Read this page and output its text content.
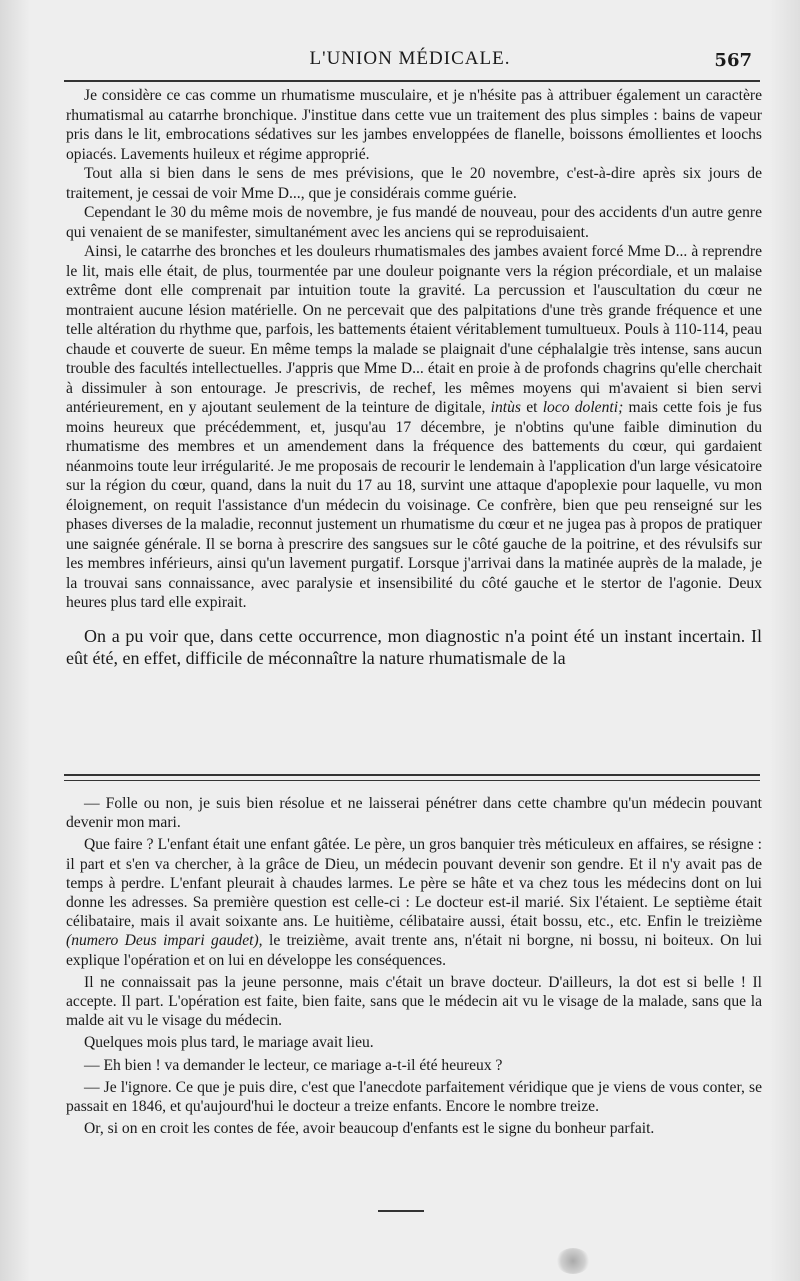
L'UNION MÉDICALE.	567

Je considère ce cas comme un rhumatisme musculaire, et je n'hésite pas à attribuer également un caractère rhumatismal au catarrhe bronchique. J'institue dans cette vue un traitement des plus simples : bains de vapeur pris dans le lit, embrocations sédatives sur les jambes enveloppées de flanelle, boissons émollientes et loochs opiacés. Lavements huileux et régime approprié.

Tout alla si bien dans le sens de mes prévisions, que le 20 novembre, c'est-à-dire après six jours de traitement, je cessai de voir Mme D..., que je considérais comme guérie.

Cependant le 30 du même mois de novembre, je fus mandé de nouveau, pour des accidents d'un autre genre qui venaient de se manifester, simultanément avec les anciens qui se reproduisaient.

Ainsi, le catarrhe des bronches et les douleurs rhumatismales des jambes avaient forcé Mme D... à reprendre le lit, mais elle était, de plus, tourmentée par une douleur poignante vers la région précordiale, et un malaise extrême dont elle comprenait par intuition toute la gravité. La percussion et l'auscultation du cœur ne montraient aucune lésion matérielle. On ne percevait que des palpitations d'une très grande fréquence et une telle altération du rhythme que, parfois, les battements étaient véritablement tumultueux. Pouls à 110-114, peau chaude et couverte de sueur. En même temps la malade se plaignait d'une céphalalgie très intense, sans aucun trouble des facultés intellectuelles. J'appris que Mme D... était en proie à de profonds chagrins qu'elle cherchait à dissimuler à son entourage. Je prescrivis, de rechef, les mêmes moyens qui m'avaient si bien servi antérieurement, en y ajoutant seulement de la teinture de digitale, intùs et loco dolenti; mais cette fois je fus moins heureux que précédemment, et, jusqu'au 17 décembre, je n'obtins qu'une faible diminution du rhumatisme des membres et un amendement dans la fréquence des battements du cœur, qui gardaient néanmoins toute leur irrégularité. Je me proposais de recourir le lendemain à l'application d'un large vésicatoire sur la région du cœur, quand, dans la nuit du 17 au 18, survint une attaque d'apoplexie pour laquelle, vu mon éloignement, on requit l'assistance d'un médecin du voisinage. Ce confrère, bien que peu renseigné sur les phases diverses de la maladie, reconnut justement un rhumatisme du cœur et ne jugea pas à propos de pratiquer une saignée générale. Il se borna à prescrire des sangsues sur le côté gauche de la poitrine, et des révulsifs sur les membres inférieurs, ainsi qu'un lavement purgatif. Lorsque j'arrivai dans la matinée auprès de la malade, je la trouvai sans connaissance, avec paralysie et insensibilité du côté gauche et le stertor de l'agonie. Deux heures plus tard elle expirait.

On a pu voir que, dans cette occurrence, mon diagnostic n'a point été un instant incertain. Il eût été, en effet, difficile de méconnaître la nature rhumatismale de la

— Folle ou non, je suis bien résolue et ne laisserai pénétrer dans cette chambre qu'un médecin pouvant devenir mon mari.

Que faire ? L'enfant était une enfant gâtée. Le père, un gros banquier très méticuleux en affaires, se résigne : il part et s'en va chercher, à la grâce de Dieu, un médecin pouvant devenir son gendre. Et il n'y avait pas de temps à perdre. L'enfant pleurait à chaudes larmes. Le père se hâte et va chez tous les médecins dont on lui donne les adresses. Sa première question est celle-ci : Le docteur est-il marié. Six l'étaient. Le septième était célibataire, mais il avait soixante ans. Le huitième, célibataire aussi, était bossu, etc., etc. Enfin le treizième (numero Deus impari gaudet), le treizième, avait trente ans, n'était ni borgne, ni bossu, ni boiteux. On lui explique l'opération et on lui en développe les conséquences.

Il ne connaissait pas la jeune personne, mais c'était un brave docteur. D'ailleurs, la dot est si belle ! Il accepte. Il part. L'opération est faite, bien faite, sans que le médecin ait vu le visage de la malade, sans que la malde ait vu le visage du médecin.

Quelques mois plus tard, le mariage avait lieu.

— Eh bien ! va demander le lecteur, ce mariage a-t-il été heureux ?

— Je l'ignore. Ce que je puis dire, c'est que l'anecdote parfaitement véridique que je viens de vous conter, se passait en 1846, et qu'aujourd'hui le docteur a treize enfants. Encore le nombre treize.

Or, si on en croit les contes de fée, avoir beaucoup d'enfants est le signe du bonheur parfait.
